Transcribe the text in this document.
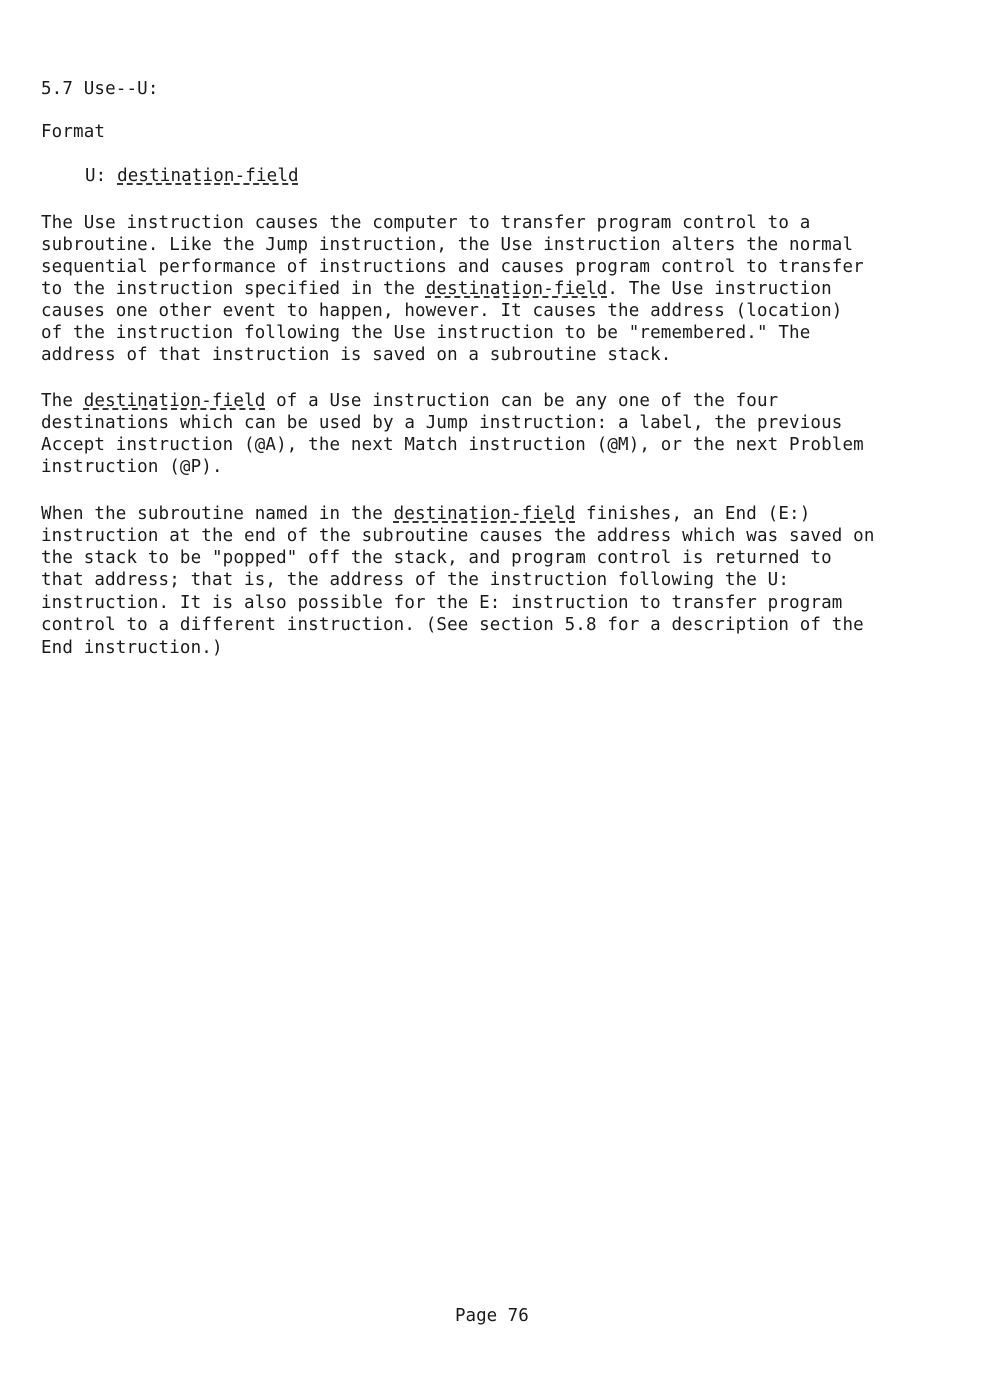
5.7 Use--U:
Format
U: destination-field
The Use instruction causes the computer to transfer program control to a
subroutine. Like the Jump instruction, the Use instruction alters the normal
sequential performance of instructions and causes program control to transfer
to the instruction specified in the destination-field. The Use instruction
causes one other event to happen, however. It causes the address (location)
of the instruction following the Use instruction to be "remembered." The
address of that instruction is saved on a subroutine stack.
The destination-field of a Use instruction can be any one of the four
destinations which can be used by a Jump instruction: a label, the previous
Accept instruction (@A), the next Match instruction (@M), or the next Problem
instruction (@P).
When the subroutine named in the destination-field finishes, an End (E:)
instruction at the end of the subroutine causes the address which was saved on
the stack to be "popped" off the stack, and program control is returned to
that address; that is, the address of the instruction following the U:
instruction. It is also possible for the E: instruction to transfer program
control to a different instruction. (See section 5.8 for a description of the
End instruction.)
Page 76
